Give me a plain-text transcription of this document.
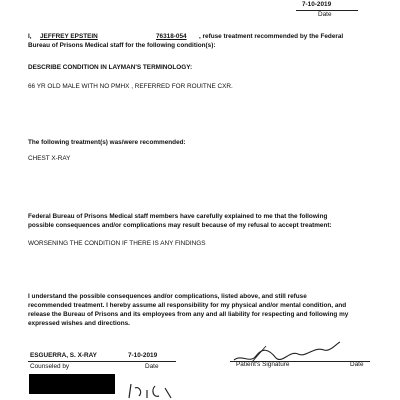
7-10-2019
Date
I, JEFFREY EPSTEIN	76318-054 , refuse treatment recommended by the Federal
Bureau of Prisons Medical staff for the following condition(s):
DESCRIBE CONDITION IN LAYMAN'S TERMINOLOGY:
66 YR OLD MALE WITH NO PMHX , REFERRED FOR ROUITNE CXR.
The following treatment(s) was/were recommended:
CHEST X-RAY
Federal Bureau of Prisons Medical staff members have carefully explained to me that the following
possible consequences and/or complications may result because of my refusal to accept treatment:
WORSENING THE CONDITION IF THERE IS ANY FINDINGS
I understand the possible consequences and/or complications, listed above, and still refuse
recommended treatment. I hereby assume all responsibility for my physical and/or mental condition, and
release the Bureau of Prisons and its employees from any and all liability for respecting and following my
expressed wishes and directions.
ESGUERRA, S. X-RAY	7-10-2019
Counseled by	Date	Patient's Signature	Date
